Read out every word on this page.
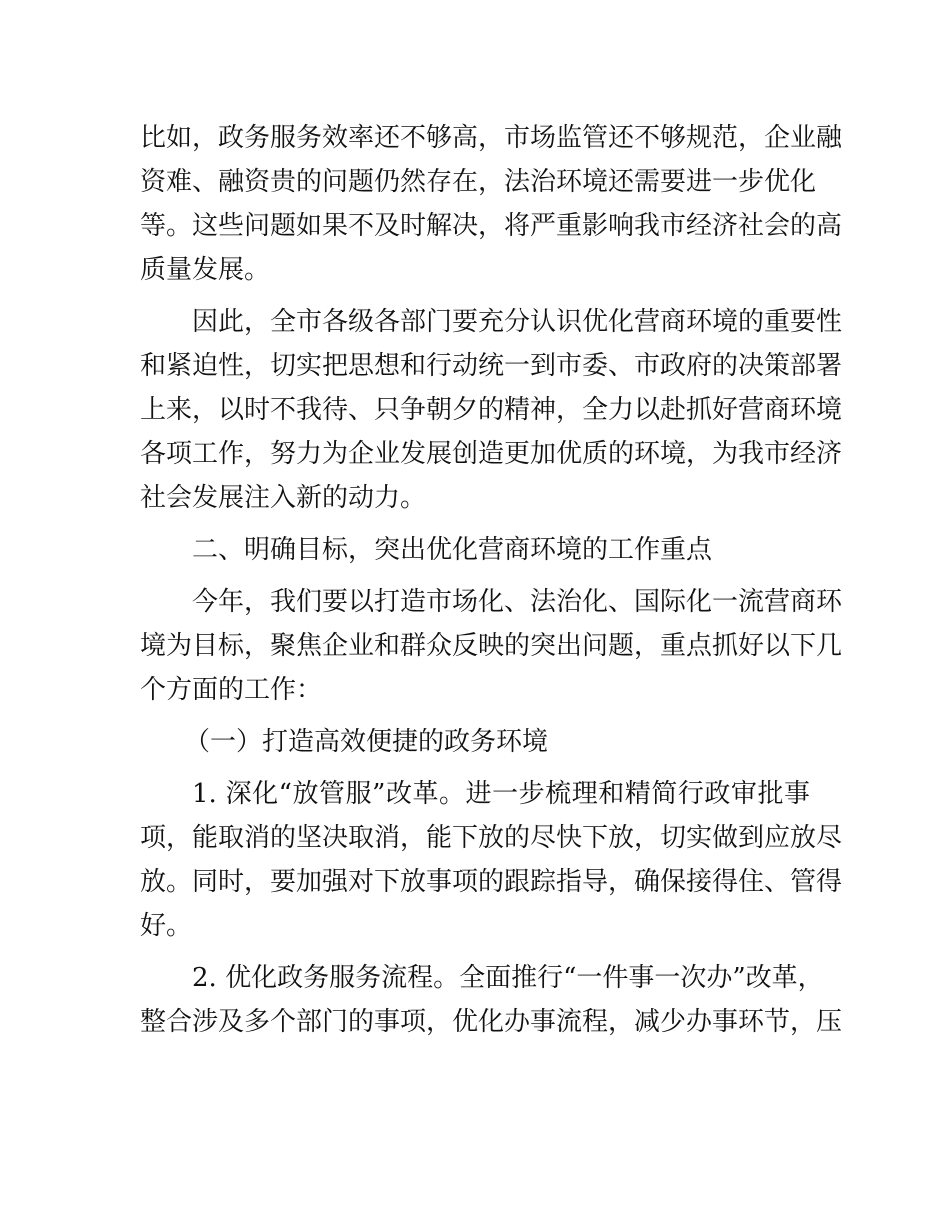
比如，政务服务效率还不够高，市场监管还不够规范，企业融
资难、融资贵的问题仍然存在，法治环境还需要进一步优化
等。这些问题如果不及时解决，将严重影响我市经济社会的高
质量发展。
因此，全市各级各部门要充分认识优化营商环境的重要性
和紧迫性，切实把思想和行动统一到市委、市政府的决策部署
上来，以时不我待、只争朝夕的精神，全力以赴抓好营商环境
各项工作，努力为企业发展创造更加优质的环境，为我市经济
社会发展注入新的动力。
二、明确目标，突出优化营商环境的工作重点
今年，我们要以打造市场化、法治化、国际化一流营商环
境为目标，聚焦企业和群众反映的突出问题，重点抓好以下几
个方面的工作：
（一）打造高效便捷的政务环境
1. 深化“放管服”改革。进一步梳理和精简行政审批事
项，能取消的坚决取消，能下放的尽快下放，切实做到应放尽
放。同时，要加强对下放事项的跟踪指导，确保接得住、管得
好。
2. 优化政务服务流程。全面推行“一件事一次办”改革，
整合涉及多个部门的事项，优化办事流程，减少办事环节，压
